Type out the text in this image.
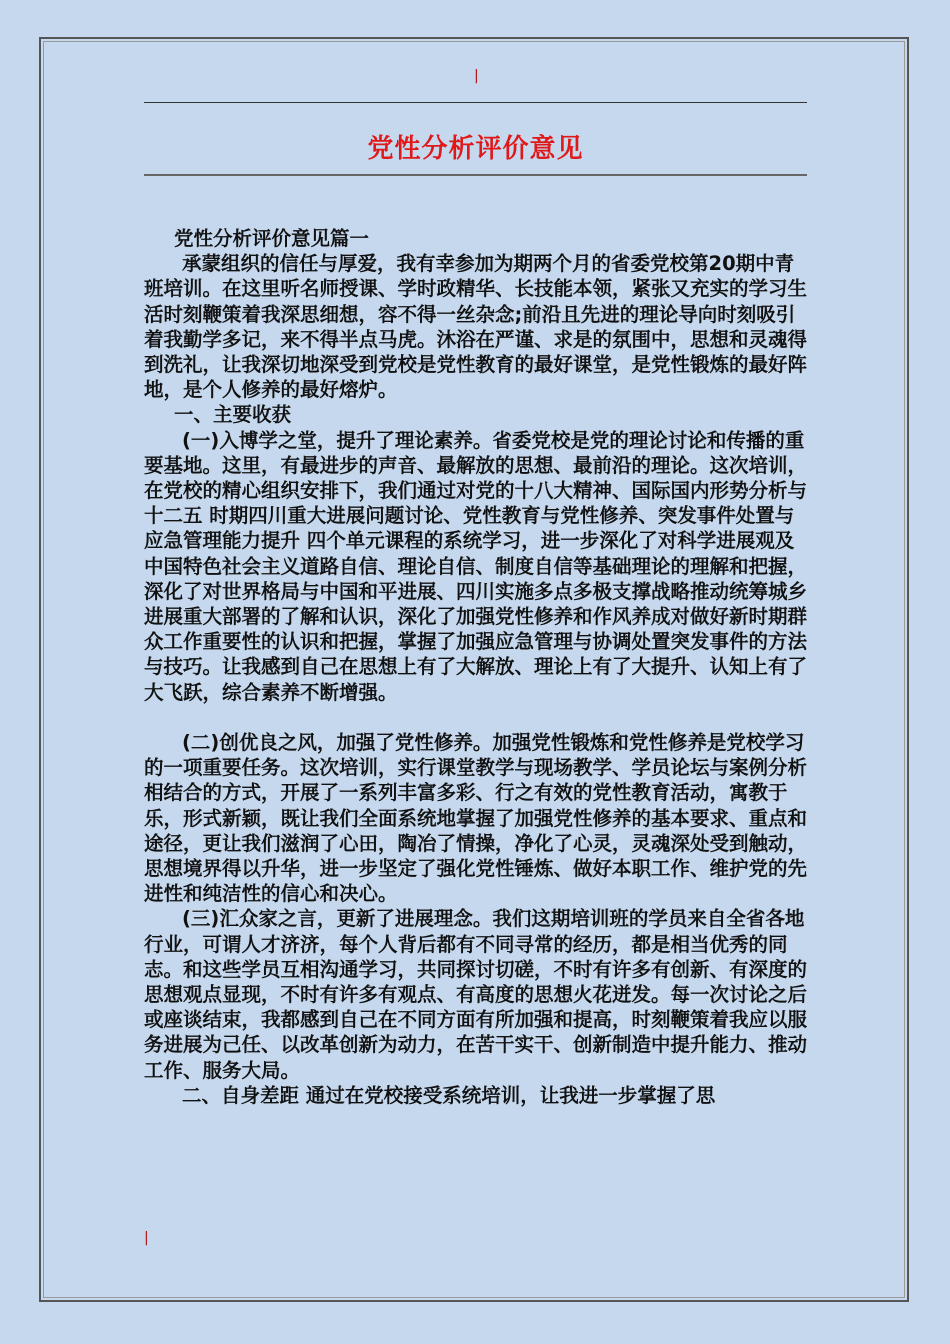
|
党性分析评价意见

党性分析评价意见篇一

承蒙组织的信任与厚爱，我有幸参加为期两个月的省委党校第20期中青班培训。在这里听名师授课、学时政精华、长技能本领，紧张又充实的学习生活时刻鞭策着我深思细想，容不得一丝杂念;前沿且先进的理论导向时刻吸引着我勤学多记，来不得半点马虎。沐浴在严谨、求是的氛围中，思想和灵魂得到洗礼，让我深切地深受到党校是党性教育的最好课堂，是党性锻炼的最好阵地，是个人修养的最好熔炉。

一、主要收获

(一)入博学之堂，提升了理论素养。省委党校是党的理论讨论和传播的重要基地。这里，有最进步的声音、最解放的思想、最前沿的理论。这次培训，在党校的精心组织安排下，我们通过对党的十八大精神、国际国内形势分析与 十二五 时期四川重大进展问题讨论、党性教育与党性修养、突发事件处置与应急管理能力提升 四个单元课程的系统学习，进一步深化了对科学进展观及中国特色社会主义道路自信、理论自信、制度自信等基础理论的理解和把握，深化了对世界格局与中国和平进展、四川实施多点多极支撑战略推动统筹城乡进展重大部署的了解和认识，深化了加强党性修养和作风养成对做好新时期群众工作重要性的认识和把握，掌握了加强应急管理与协调处置突发事件的方法与技巧。让我感到自己在思想上有了大解放、理论上有了大提升、认知上有了大飞跃，综合素养不断增强。

(二)创优良之风，加强了党性修养。加强党性锻炼和党性修养是党校学习的一项重要任务。这次培训，实行课堂教学与现场教学、学员论坛与案例分析相结合的方式，开展了一系列丰富多彩、行之有效的党性教育活动，寓教于乐，形式新颖，既让我们全面系统地掌握了加强党性修养的基本要求、重点和途径，更让我们滋润了心田，陶冶了情操，净化了心灵，灵魂深处受到触动，思想境界得以升华，进一步坚定了强化党性锤炼、做好本职工作、维护党的先进性和纯洁性的信心和决心。

(三)汇众家之言，更新了进展理念。我们这期培训班的学员来自全省各地行业，可谓人才济济，每个人背后都有不同寻常的经历，都是相当优秀的同志。和这些学员互相沟通学习，共同探讨切磋，不时有许多有创新、有深度的思想观点显现，不时有许多有观点、有高度的思想火花迸发。每一次讨论之后或座谈结束，我都感到自己在不同方面有所加强和提高，时刻鞭策着我应以服务进展为己任、以改革创新为动力，在苦干实干、创新制造中提升能力、推动工作、服务大局。

二、自身差距 通过在党校接受系统培训，让我进一步掌握了思

|
